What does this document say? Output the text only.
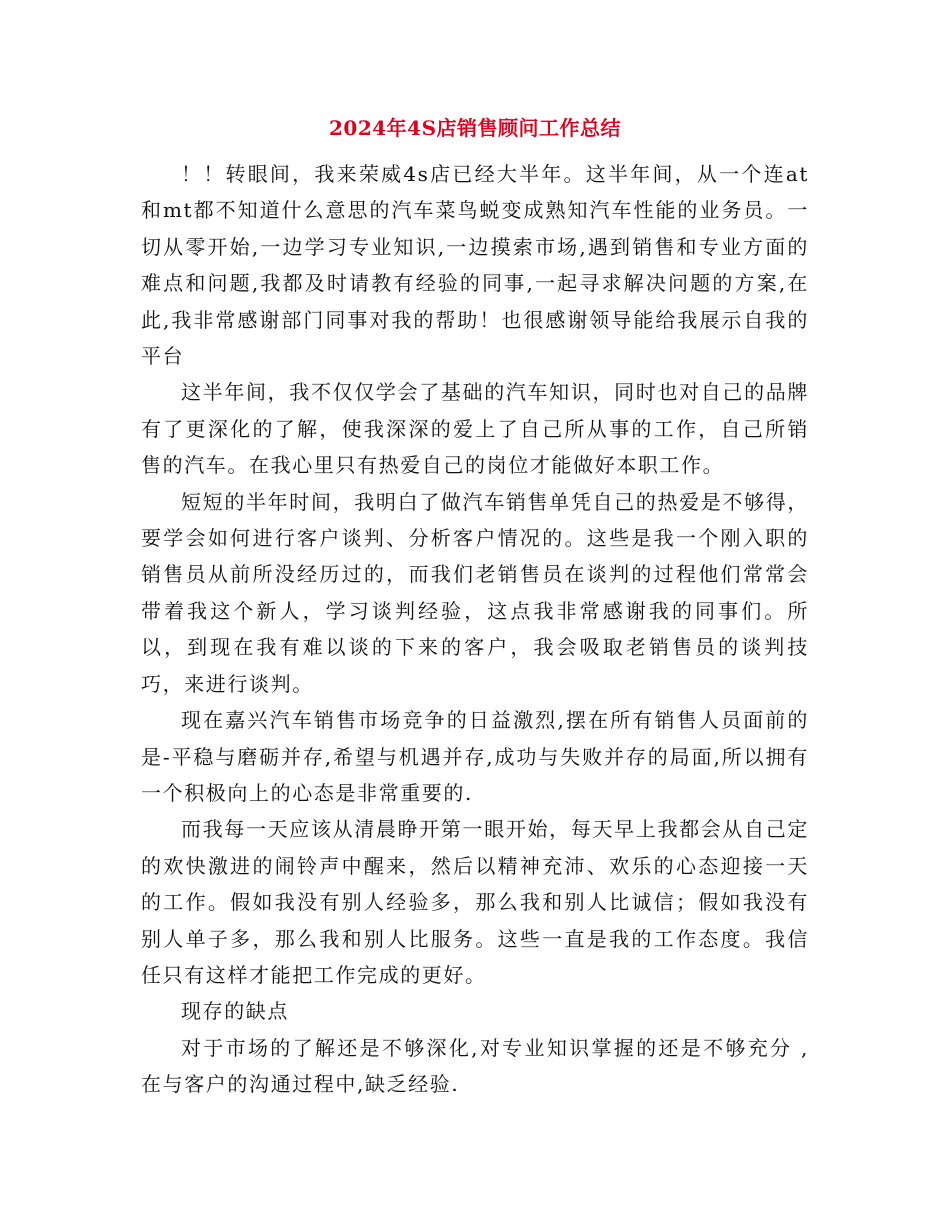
2024年4S店销售顾问工作总结

！！转眼间，我来荣威4s店已经大半年。这半年间，从一个连at和mt都不知道什么意思的汽车菜鸟蜕变成熟知汽车性能的业务员。一切从零开始,一边学习专业知识,一边摸索市场,遇到销售和专业方面的难点和问题,我都及时请教有经验的同事,一起寻求解决问题的方案,在此,我非常感谢部门同事对我的帮助！也很感谢领导能给我展示自我的平台

这半年间，我不仅仅学会了基础的汽车知识，同时也对自己的品牌有了更深化的了解，使我深深的爱上了自己所从事的工作，自己所销售的汽车。在我心里只有热爱自己的岗位才能做好本职工作。

短短的半年时间，我明白了做汽车销售单凭自己的热爱是不够得，要学会如何进行客户谈判、分析客户情况的。这些是我一个刚入职的销售员从前所没经历过的，而我们老销售员在谈判的过程他们常常会带着我这个新人，学习谈判经验，这点我非常感谢我的同事们。所以，到现在我有难以谈的下来的客户，我会吸取老销售员的谈判技巧，来进行谈判。

现在嘉兴汽车销售市场竞争的日益激烈,摆在所有销售人员面前的是-平稳与磨砺并存,希望与机遇并存,成功与失败并存的局面,所以拥有一个积极向上的心态是非常重要的.

而我每一天应该从清晨睁开第一眼开始，每天早上我都会从自己定的欢快激进的闹铃声中醒来，然后以精神充沛、欢乐的心态迎接一天的工作。假如我没有别人经验多，那么我和别人比诚信；假如我没有别人单子多，那么我和别人比服务。这些一直是我的工作态度。我信任只有这样才能把工作完成的更好。

现存的缺点

对于市场的了解还是不够深化,对专业知识掌握的还是不够充分 ,在与客户的沟通过程中,缺乏经验.
